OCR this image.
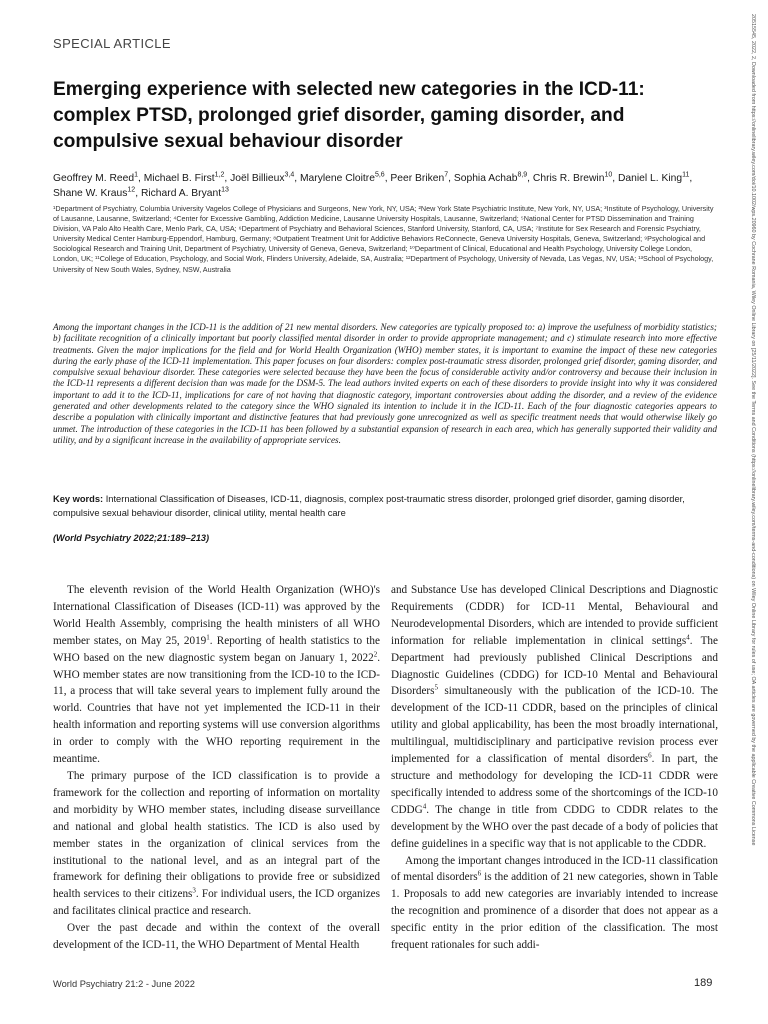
SPECIAL ARTICLE
Emerging experience with selected new categories in the ICD-11: complex PTSD, prolonged grief disorder, gaming disorder, and compulsive sexual behaviour disorder
Geoffrey M. Reed$^1$, Michael B. First$^{1,2}$, Joël Billieux$^{3,4}$, Marylene Cloitre$^{5,6}$, Peer Briken$^7$, Sophia Achab$^{8,9}$, Chris R. Brewin$^{10}$, Daniel L. King$^{11}$, Shane W. Kraus$^{12}$, Richard A. Bryant$^{13}$
¹Department of Psychiatry, Columbia University Vagelos College of Physicians and Surgeons, New York, NY, USA; ²New York State Psychiatric Institute, New York, NY, USA; ³Institute of Psychology, University of Lausanne, Lausanne, Switzerland; ⁴Center for Excessive Gambling, Addiction Medicine, Lausanne University Hospitals, Lausanne, Switzerland; ⁵National Center for PTSD Dissemination and Training Division, VA Palo Alto Health Care, Menlo Park, CA, USA; ⁶Department of Psychiatry and Behavioral Sciences, Stanford University, Stanford, CA, USA; ⁷Institute for Sex Research and Forensic Psychiatry, University Medical Center Hamburg-Eppendorf, Hamburg, Germany; ⁸Outpatient Treatment Unit for Addictive Behaviors ReConnecte, Geneva University Hospitals, Geneva, Switzerland; ⁹Psychological and Sociological Research and Training Unit, Department of Psychiatry, University of Geneva, Geneva, Switzerland; ¹⁰Department of Clinical, Educational and Health Psychology, University College London, London, UK; ¹¹College of Education, Psychology, and Social Work, Flinders University, Adelaide, SA, Australia; ¹²Department of Psychology, University of Nevada, Las Vegas, NV, USA; ¹³School of Psychology, University of New South Wales, Sydney, NSW, Australia
Among the important changes in the ICD-11 is the addition of 21 new mental disorders. New categories are typically proposed to: a) improve the usefulness of morbidity statistics; b) facilitate recognition of a clinically important but poorly classified mental disorder in order to provide appropriate management; and c) stimulate research into more effective treatments. Given the major implications for the field and for World Health Organization (WHO) member states, it is important to examine the impact of these new categories during the early phase of the ICD-11 implementation. This paper focuses on four disorders: complex post-traumatic stress disorder, prolonged grief disorder, gaming disorder, and compulsive sexual behaviour disorder. These categories were selected because they have been the focus of considerable activity and/or controversy and because their inclusion in the ICD-11 represents a different decision than was made for the DSM-5. The lead authors invited experts on each of these disorders to provide insight into why it was considered important to add it to the ICD-11, implications for care of not having that diagnostic category, important controversies about adding the disorder, and a review of the evidence generated and other developments related to the category since the WHO signaled its intention to include it in the ICD-11. Each of the four diagnostic categories appears to describe a population with clinically important and distinctive features that had previously gone unrecognized as well as specific treatment needs that would otherwise likely go unmet. The introduction of these categories in the ICD-11 has been followed by a substantial expansion of research in each area, which has generally supported their validity and utility, and by a significant increase in the availability of appropriate services.
Key words: International Classification of Diseases, ICD-11, diagnosis, complex post-traumatic stress disorder, prolonged grief disorder, gaming disorder, compulsive sexual behaviour disorder, clinical utility, mental health care
(World Psychiatry 2022;21:189–213)

The eleventh revision of the World Health Organization (WHO)'s International Classification of Diseases (ICD-11) was approved by the World Health Assembly, comprising the health ministers of all WHO member states, on May 25, 2019$^1$. Reporting of health statistics to the WHO based on the new diagnostic system began on January 1, 2022$^2$. WHO member states are now transitioning from the ICD-10 to the ICD-11, a process that will take several years to implement fully around the world. Countries that have not yet implemented the ICD-11 in their health information and reporting systems will use conversion algorithms in order to comply with the WHO reporting requirement in the meantime.

The primary purpose of the ICD classification is to provide a framework for the collection and reporting of information on mortality and morbidity by WHO member states, including disease surveillance and national and global health statistics. The ICD is also used by member states in the organization of clinical services from the institutional to the national level, and as an integral part of the framework for defining their obligations to provide free or subsidized health services to their citizens$^3$. For individual users, the ICD organizes and facilitates clinical practice and research.

Over the past decade and within the context of the overall development of the ICD-11, the WHO Department of Mental Health

and Substance Use has developed Clinical Descriptions and Diagnostic Requirements (CDDR) for ICD-11 Mental, Behavioural and Neurodevelopmental Disorders, which are intended to provide sufficient information for reliable implementation in clinical settings$^4$. The Department had previously published Clinical Descriptions and Diagnostic Guidelines (CDDG) for ICD-10 Mental and Behavioural Disorders$^5$ simultaneously with the publication of the ICD-10. The development of the ICD-11 CDDR, based on the principles of clinical utility and global applicability, has been the most broadly international, multilingual, multidisciplinary and participative revision process ever implemented for a classification of mental disorders$^6$. In part, the structure and methodology for developing the ICD-11 CDDR were specifically intended to address some of the shortcomings of the ICD-10 CDDG$^4$. The change in title from CDDG to CDDR relates to the development by the WHO over the past decade of a body of policies that define guidelines in a specific way that is not applicable to the CDDR.

Among the important changes introduced in the ICD-11 classification of mental disorders$^6$ is the addition of 21 new categories, shown in Table 1. Proposals to add new categories are invariably intended to increase the recognition and prominence of a disorder that does not appear as a specific entity in the prior edition of the classification. The most frequent rationales for such addi-

World Psychiatry 21:2 - June 2022	189
20515545, 2022, 2, Downloaded from https://onlinelibrary.wiley.com/doi/10.1002/wps.20960 by Cochrane Romania, Wiley Online Library on [25/11/2022]. See the Terms and Conditions (https://onlinelibrary.wiley.com/terms-and-conditions) on Wiley Online Library for rules of use; OA articles are governed by the applicable Creative Commons License
